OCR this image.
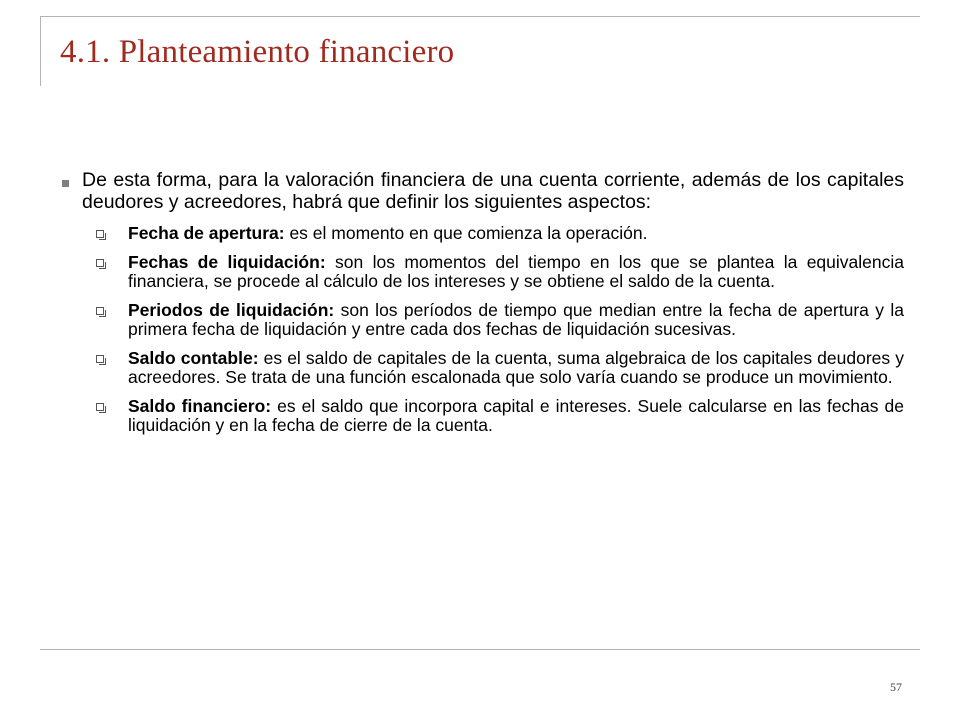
4.1. Planteamiento financiero
De esta forma, para la valoración financiera de una cuenta corriente, además de los capitales deudores y acreedores, habrá que definir los siguientes aspectos:
Fecha de apertura: es el momento en que comienza la operación.
Fechas de liquidación: son los momentos del tiempo en los que se plantea la equivalencia financiera, se procede al cálculo de los intereses y se obtiene el saldo de la cuenta.
Periodos de liquidación: son los períodos de tiempo que median entre la fecha de apertura y la primera fecha de liquidación y entre cada dos fechas de liquidación sucesivas.
Saldo contable: es el saldo de capitales de la cuenta, suma algebraica de los capitales deudores y acreedores. Se trata de una función escalonada que solo varía cuando se produce un movimiento.
Saldo financiero: es el saldo que incorpora capital e intereses. Suele calcularse en las fechas de liquidación y en la fecha de cierre de la cuenta.
57
